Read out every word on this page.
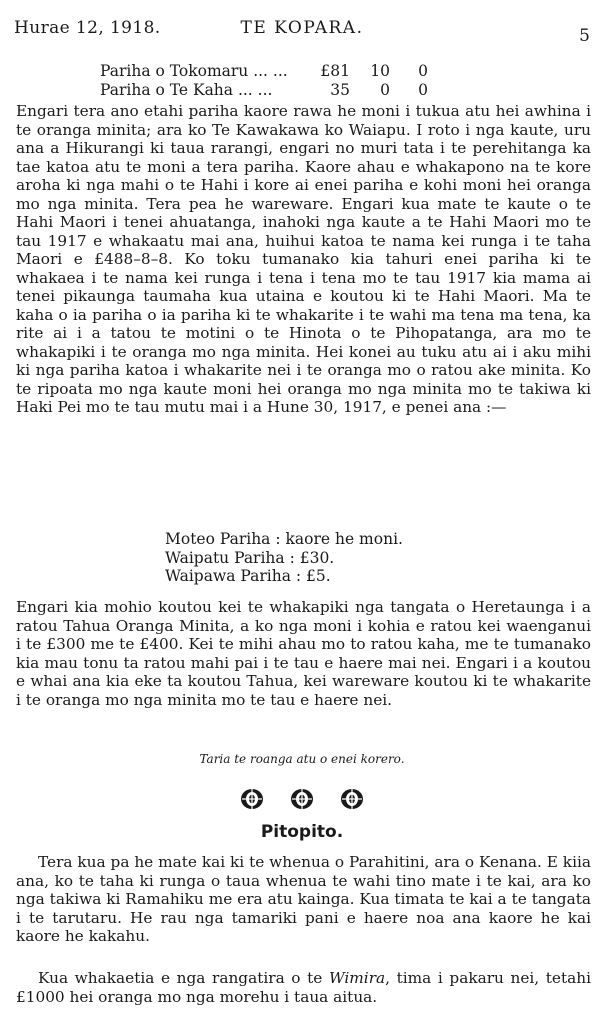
Hurae 12, 1918.	TE KOPARA.	5
Pariha o Tokomaru ... ...	£81	10	0
Pariha o Te Kaha ... ...	35	0	0

Engari tera ano etahi pariha kaore rawa he moni i tukua atu hei awhina i te oranga minita; ara ko Te Kawakawa ko Waiapu. I roto i nga kaute, uru ana a Hikurangi ki taua rarangi, engari no muri tata i te perehitanga ka tae katoa atu te moni a tera pariha. Kaore ahau e whakapono na te kore aroha ki nga mahi o te Hahi i kore ai enei pariha e kohi moni hei oranga mo nga minita. Tera pea he wareware. Engari kua mate te kaute o te Hahi Maori i tenei ahuatanga, inahoki nga kaute a te Hahi Maori mo te tau 1917 e whakaatu mai ana, huihui katoa te nama kei runga i te taha Maori e £488–8–8. Ko toku tumanako kia tahuri enei pariha ki te whakaea i te nama kei runga i tena i tena mo te tau 1917 kia mama ai tenei pikaunga taumaha kua utaina e koutou ki te Hahi Maori. Ma te kaha o ia pariha o ia pariha ki te whakarite i te wahi ma tena ma tena, ka rite ai i a tatou te motini o te Hinota o te Pihopatanga, ara mo te whakapiki i te oranga mo nga minita. Hei konei au tuku atu ai i aku mihi ki nga pariha katoa i whakarite nei i te oranga mo o ratou ake minita. Ko te ripoata mo nga kaute moni hei oranga mo nga minita mo te takiwa ki Haki Pei mo te tau mutu mai i a Hune 30, 1917, e penei ana :—

Moteo Pariha : kaore he moni.
Waipatu Pariha : £30.
Waipawa Pariha : £5.

Engari kia mohio koutou kei te whakapiki nga tangata o Heretaunga i a ratou Tahua Oranga Minita, a ko nga moni i kohia e ratou kei waenganui i te £300 me te £400. Kei te mihi ahau mo to ratou kaha, me te tumanako kia mau tonu ta ratou mahi pai i te tau e haere mai nei. Engari i a koutou e whai ana kia eke ta koutou Tahua, kei wareware koutou ki te whakarite i te oranga mo nga minita mo te tau e haere nei.

Taria te roanga atu o enei korero.
Pitopito.

Tera kua pa he mate kai ki te whenua o Parahitini, ara o Kenana. E kiia ana, ko te taha ki runga o taua whenua te wahi tino mate i te kai, ara ko nga takiwa ki Ramahiku me era atu kainga. Kua timata te kai a te tangata i te tarutaru. He rau nga tamariki pani e haere noa ana kaore he kai kaore he kakahu.

Kua whakaetia e nga rangatira o te Wimira, tima i pakaru nei, tetahi £1000 hei oranga mo nga morehu i taua aitua.
